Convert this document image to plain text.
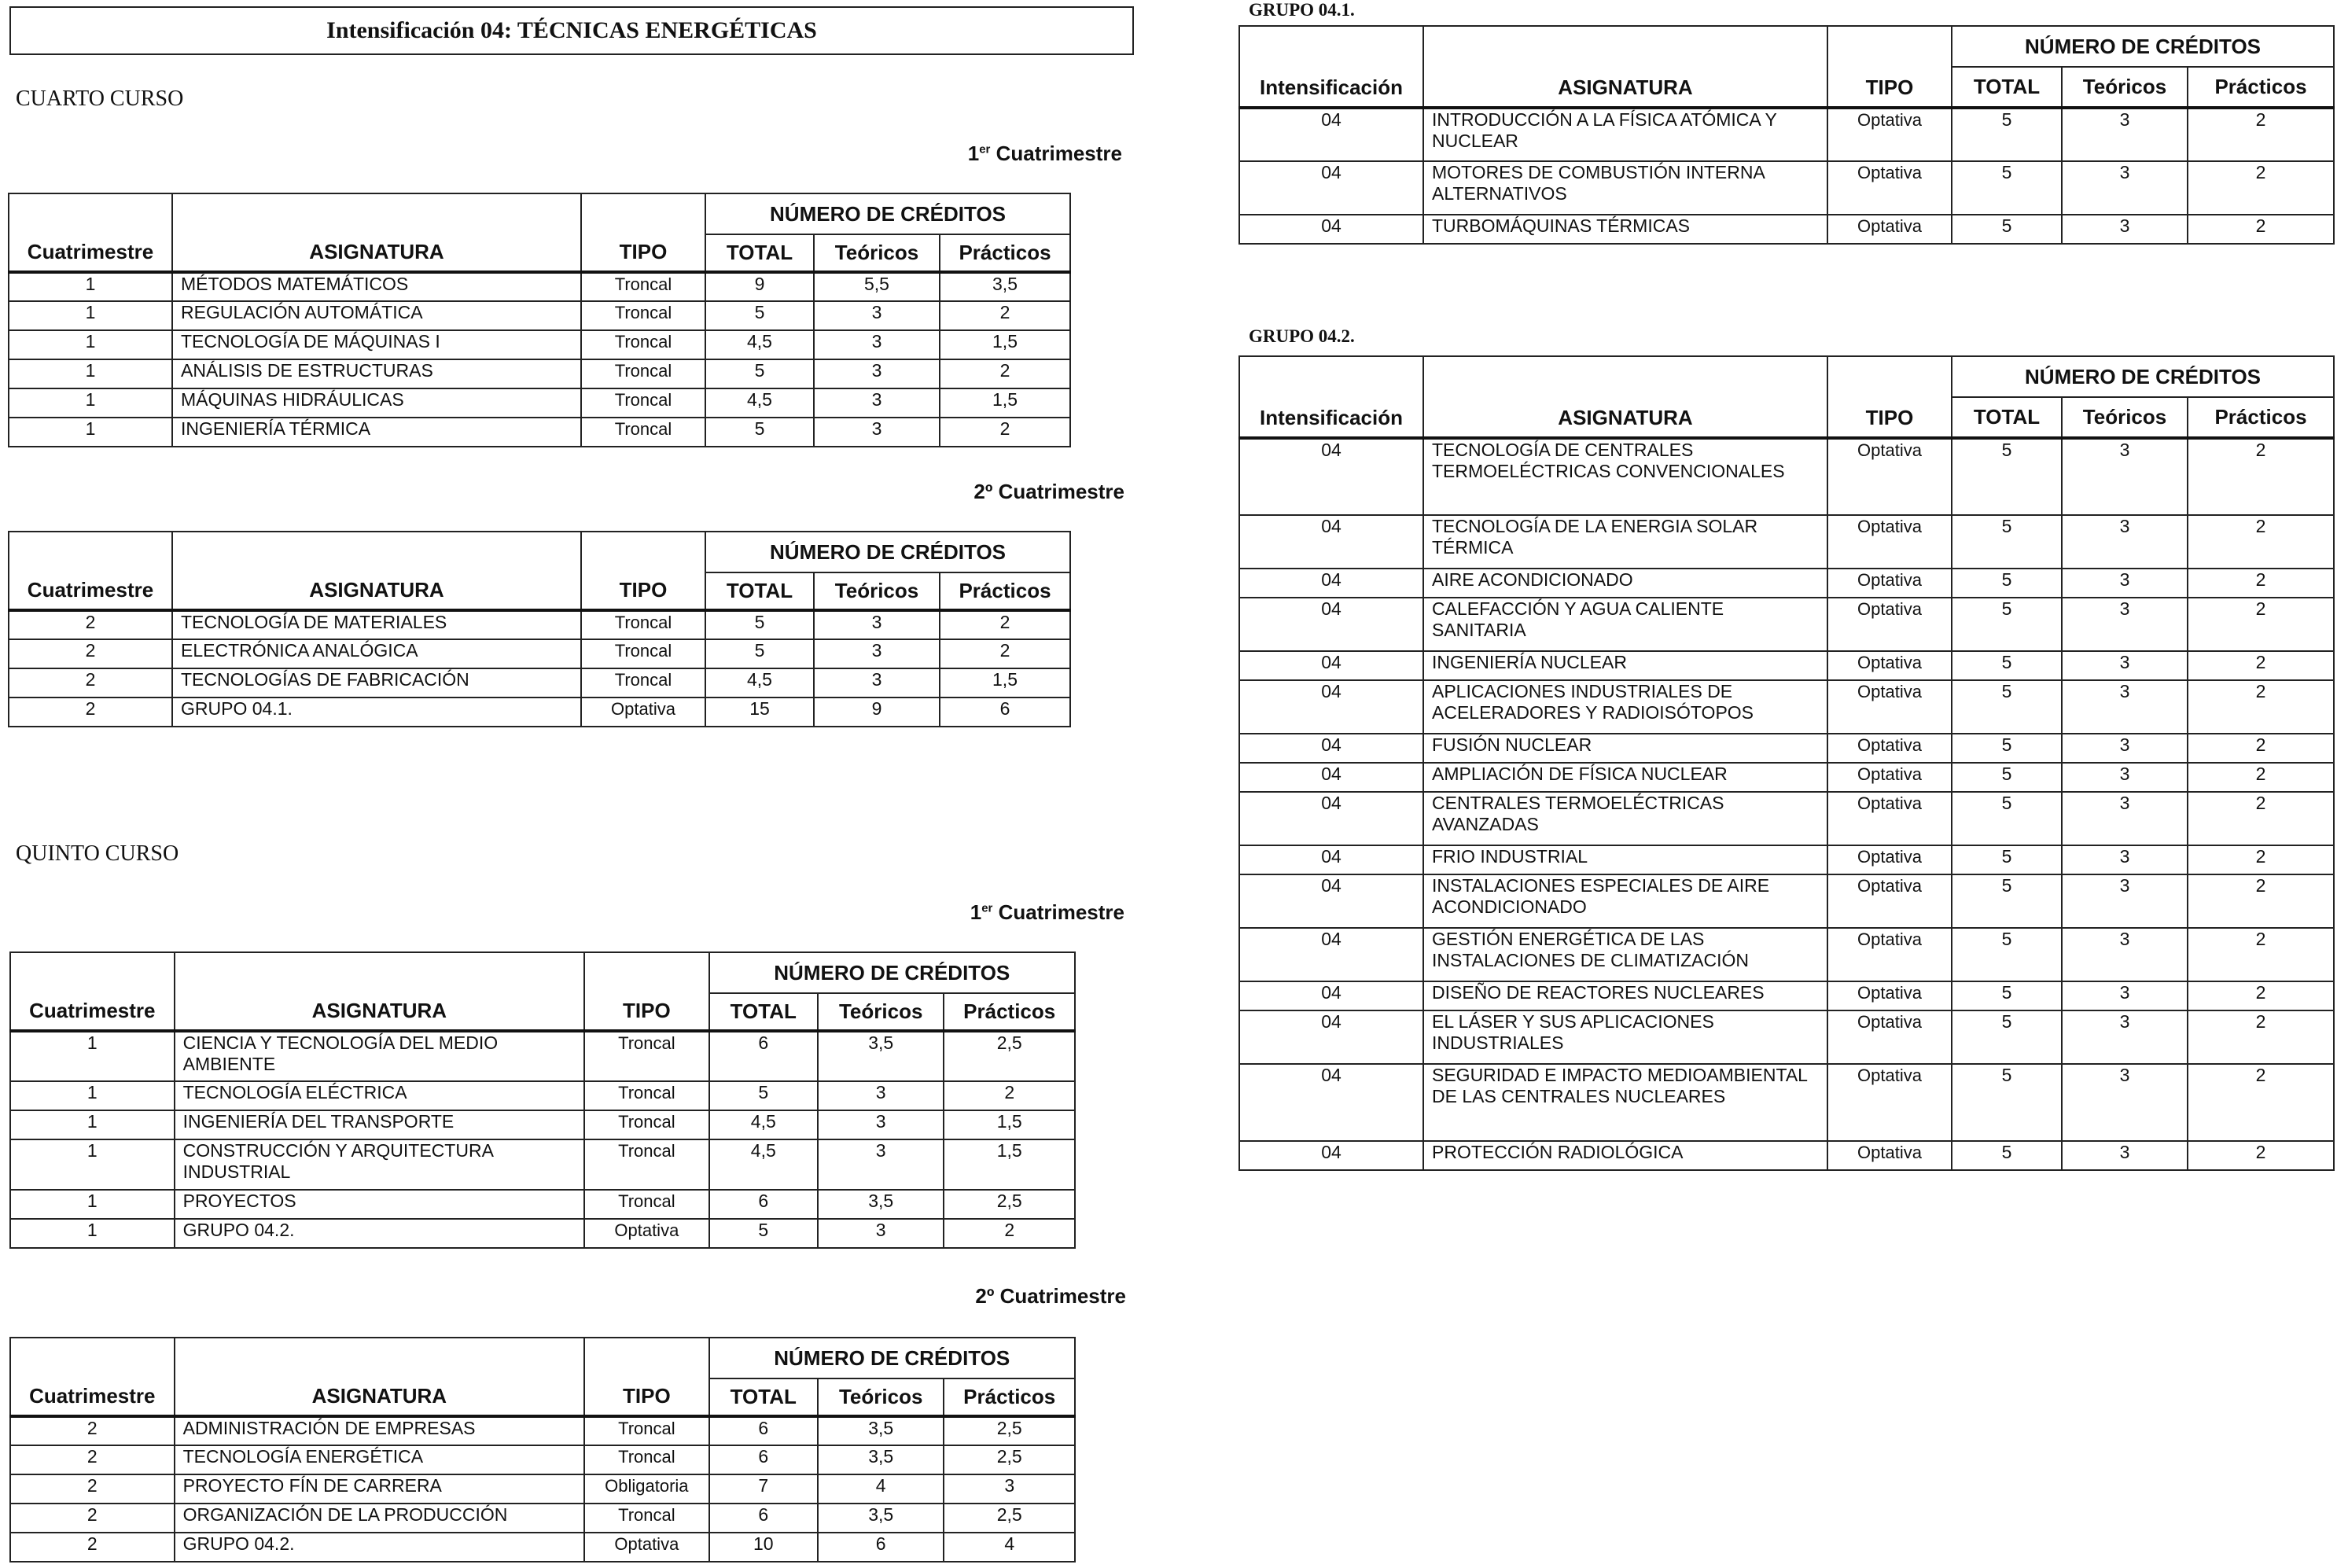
Intensificación 04: TÉCNICAS ENERGÉTICAS
CUARTO CURSO
1er Cuatrimestre
Cuatrimestre	ASIGNATURA	TIPO	NÚMERO DE CRÉDITOS		
			TOTAL	Teóricos	Prácticos
1	MÉTODOS MATEMÁTICOS	Troncal	9	5,5	3,5
1	REGULACIÓN AUTOMÁTICA	Troncal	5	3	2
1	TECNOLOGÍA DE MÁQUINAS I	Troncal	4,5	3	1,5
1	ANÁLISIS DE ESTRUCTURAS	Troncal	5	3	2
1	MÁQUINAS HIDRÁULICAS	Troncal	4,5	3	1,5
1	INGENIERÍA TÉRMICA	Troncal	5	3	2
2º Cuatrimestre
Cuatrimestre	ASIGNATURA	TIPO	NÚMERO DE CRÉDITOS		
			TOTAL	Teóricos	Prácticos
2	TECNOLOGÍA DE MATERIALES	Troncal	5	3	2
2	ELECTRÓNICA ANALÓGICA	Troncal	5	3	2
2	TECNOLOGÍAS DE FABRICACIÓN	Troncal	4,5	3	1,5
2	GRUPO 04.1.	Optativa	15	9	6
QUINTO CURSO
1er Cuatrimestre
Cuatrimestre	ASIGNATURA	TIPO	NÚMERO DE CRÉDITOS		
			TOTAL	Teóricos	Prácticos
1	CIENCIA Y TECNOLOGÍA DEL MEDIO AMBIENTE	Troncal	6	3,5	2,5
1	TECNOLOGÍA ELÉCTRICA	Troncal	5	3	2
1	INGENIERÍA DEL TRANSPORTE	Troncal	4,5	3	1,5
1	CONSTRUCCIÓN Y ARQUITECTURA INDUSTRIAL	Troncal	4,5	3	1,5
1	PROYECTOS	Troncal	6	3,5	2,5
1	GRUPO 04.2.	Optativa	5	3	2
2º Cuatrimestre
Cuatrimestre	ASIGNATURA	TIPO	NÚMERO DE CRÉDITOS		
			TOTAL	Teóricos	Prácticos
2	ADMINISTRACIÓN DE EMPRESAS	Troncal	6	3,5	2,5
2	TECNOLOGÍA ENERGÉTICA	Troncal	6	3,5	2,5
2	PROYECTO FÍN DE CARRERA	Obligatoria	7	4	3
2	ORGANIZACIÓN DE LA PRODUCCIÓN	Troncal	6	3,5	2,5
2	GRUPO 04.2.	Optativa	10	6	4
GRUPO 04.1.
Intensificación	ASIGNATURA	TIPO	NÚMERO DE CRÉDITOS		
			TOTAL	Teóricos	Prácticos
04	INTRODUCCIÓN A LA FÍSICA ATÓMICA Y NUCLEAR	Optativa	5	3	2
04	MOTORES DE COMBUSTIÓN INTERNA ALTERNATIVOS	Optativa	5	3	2
04	TURBOMÁQUINAS TÉRMICAS	Optativa	5	3	2
GRUPO 04.2.
Intensificación	ASIGNATURA	TIPO	NÚMERO DE CRÉDITOS		
			TOTAL	Teóricos	Prácticos
04	TECNOLOGÍA DE CENTRALES TERMOELÉCTRICAS CONVENCIONALES	Optativa	5	3	2
04	TECNOLOGÍA DE LA ENERGIA SOLAR TÉRMICA	Optativa	5	3	2
04	AIRE ACONDICIONADO	Optativa	5	3	2
04	CALEFACCIÓN Y AGUA CALIENTE SANITARIA	Optativa	5	3	2
04	INGENIERÍA NUCLEAR	Optativa	5	3	2
04	APLICACIONES INDUSTRIALES DE ACELERADORES Y RADIOISÓTOPOS	Optativa	5	3	2
04	FUSIÓN NUCLEAR	Optativa	5	3	2
04	AMPLIACIÓN DE FÍSICA NUCLEAR	Optativa	5	3	2
04	CENTRALES TERMOELÉCTRICAS AVANZADAS	Optativa	5	3	2
04	FRIO INDUSTRIAL	Optativa	5	3	2
04	INSTALACIONES ESPECIALES DE AIRE ACONDICIONADO	Optativa	5	3	2
04	GESTIÓN ENERGÉTICA DE LAS INSTALACIONES DE CLIMATIZACIÓN	Optativa	5	3	2
04	DISEÑO DE REACTORES NUCLEARES	Optativa	5	3	2
04	EL LÁSER Y SUS APLICACIONES INDUSTRIALES	Optativa	5	3	2
04	SEGURIDAD E IMPACTO MEDIOAMBIENTAL DE LAS CENTRALES NUCLEARES	Optativa	5	3	2
04	PROTECCIÓN RADIOLÓGICA	Optativa	5	3	2
